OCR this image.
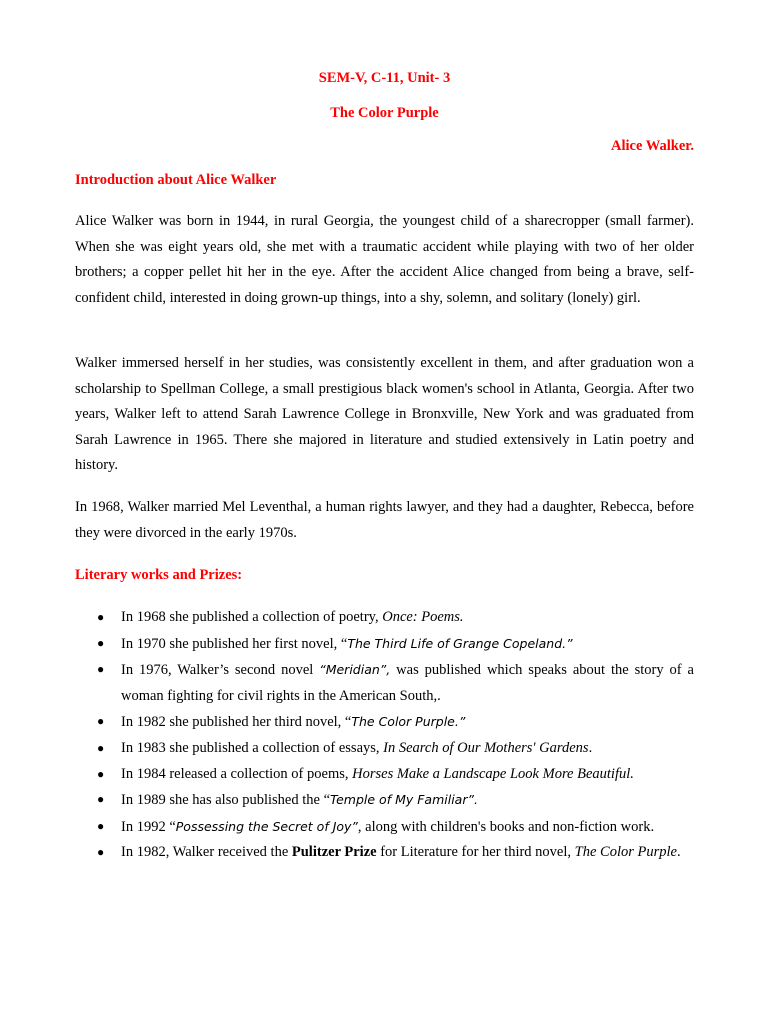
SEM-V, C-11, Unit- 3
The Color Purple
Alice Walker.
Introduction about Alice Walker

Alice Walker was born in 1944, in rural Georgia, the youngest child of a sharecropper (small farmer). When she was eight years old, she met with a traumatic accident while playing with two of her older brothers; a copper pellet hit her in the eye. After the accident Alice changed from being a brave, self-confident child, interested in doing grown-up things, into a shy, solemn, and solitary (lonely) girl.

Walker immersed herself in her studies, was consistently excellent in them, and after graduation won a scholarship to Spellman College, a small prestigious black women's school in Atlanta, Georgia. After two years, Walker left to attend Sarah Lawrence College in Bronxville, New York and was graduated from Sarah Lawrence in 1965. There she majored in literature and studied extensively in Latin poetry and history.

In 1968, Walker married Mel Leventhal, a human rights lawyer, and they had a daughter, Rebecca, before they were divorced in the early 1970s.

Literary works and Prizes:
● In 1968 she published a collection of poetry, Once: Poems.
● In 1970 she published her first novel, “The Third Life of Grange Copeland.”
● In 1976, Walker’s second novel “Meridian”, was published which speaks about the story of a woman fighting for civil rights in the American South,.
● In 1982 she published her third novel, “The Color Purple.”
● In 1983 she published a collection of essays, In Search of Our Mothers' Gardens.
● In 1984 released a collection of poems, Horses Make a Landscape Look More Beautiful.
● In 1989 she has also published the “Temple of My Familiar”.
● In 1992 “Possessing the Secret of Joy”, along with children's books and non-fiction work.
● In 1982, Walker received the Pulitzer Prize for Literature for her third novel, The Color Purple.
